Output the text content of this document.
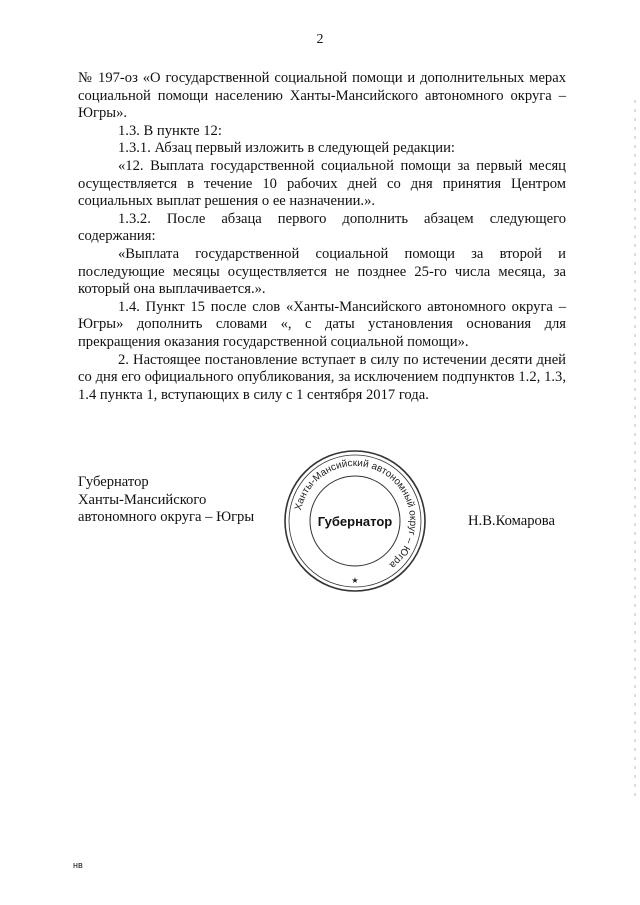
2

№ 197-оз «О государственной социальной помощи и дополнительных мерах социальной помощи населению Ханты-Мансийского автономного округа – Югры».

1.3. В пункте 12:

1.3.1. Абзац первый изложить в следующей редакции:

«12. Выплата государственной социальной помощи за первый месяц осуществляется в течение 10 рабочих дней со дня принятия Центром социальных выплат решения о ее назначении.».

1.3.2. После абзаца первого дополнить абзацем следующего содержания:

«Выплата государственной социальной помощи за второй и последующие месяцы осуществляется не позднее 25-го числа месяца, за который она выплачивается.».

1.4. Пункт 15 после слов «Ханты-Мансийского автономного округа – Югры» дополнить словами «, с даты установления основания для прекращения оказания государственной социальной помощи».

2. Настоящее постановление вступает в силу по истечении десяти дней со дня его официального опубликования, за исключением подпунктов 1.2, 1.3, 1.4 пункта 1, вступающих в силу с 1 сентября 2017 года.

Губернатор
Ханты-Мансийского
автономного округа – Югры
Ханты-Мансийский автономный округ – Югра
Губернатор
★
Н.В.Комарова
нв
